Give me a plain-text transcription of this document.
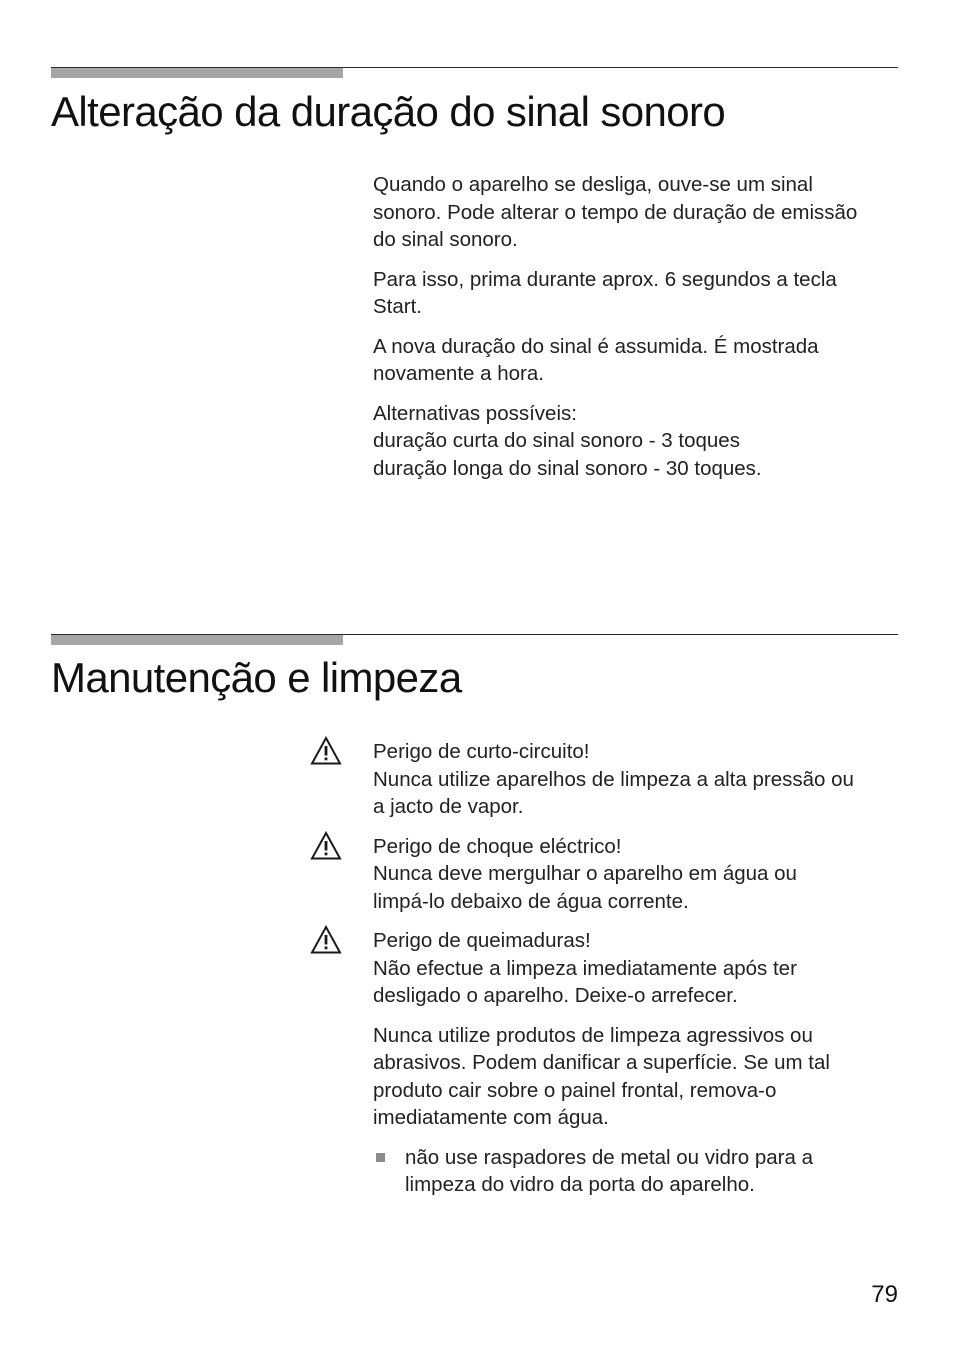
Alteração da duração do sinal sonoro

Quando o aparelho se desliga, ouve-se um sinal
sonoro. Pode alterar o tempo de duração de emissão
do sinal sonoro.

Para isso, prima durante aprox. 6 segundos a tecla
Start.

A nova duração do sinal é assumida. É mostrada
novamente a hora.

Alternativas possíveis:
duração curta do sinal sonoro - 3 toques
duração longa do sinal sonoro - 30 toques.

Manutenção e limpeza
Perigo de curto-circuito!
Nunca utilize aparelhos de limpeza a alta pressão ou
a jacto de vapor.
Perigo de choque eléctrico!
Nunca deve mergulhar o aparelho em água ou
limpá-lo debaixo de água corrente.
Perigo de queimaduras!
Não efectue a limpeza imediatamente após ter
desligado o aparelho. Deixe-o arrefecer.

Nunca utilize produtos de limpeza agressivos ou
abrasivos. Podem danificar a superfície. Se um tal
produto cair sobre o painel frontal, remova-o
imediatamente com água.

não use raspadores de metal ou vidro para a
limpeza do vidro da porta do aparelho.
79
